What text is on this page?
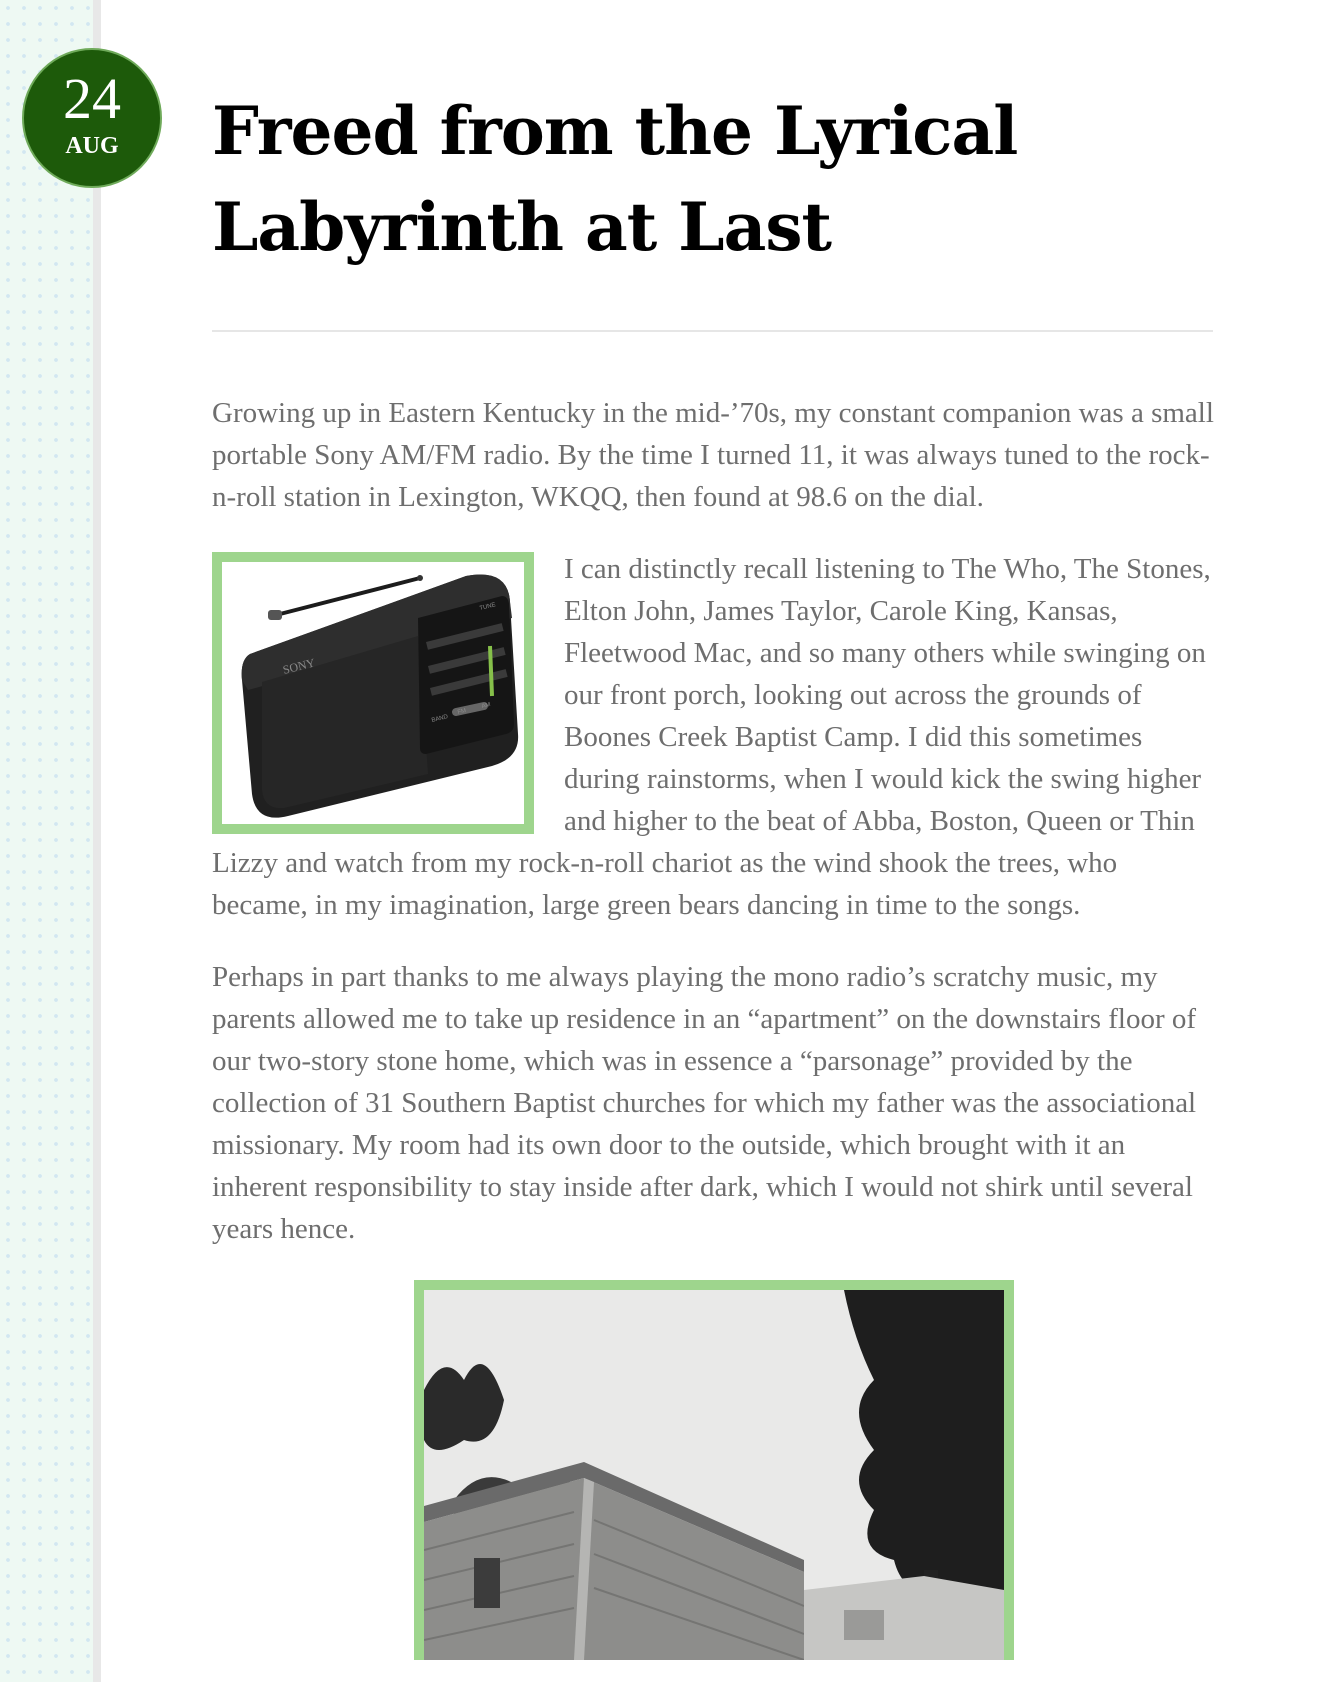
24
AUG	Freed from the Lyrical Labyrinth at Last

Growing up in Eastern Kentucky in the mid-’70s, my constant companion was a small portable Sony AM/FM radio. By the time I turned 11, it was always tuned to the rock-n-roll station in Lexington, WKQQ, then found at 98.6 on the dial.

SONY
BAND
FM
AM
TUNE

I can distinctly recall listening to The Who, The Stones, Elton John, James Taylor, Carole King, Kansas, Fleetwood Mac, and so many others while swinging on our front porch, looking out across the grounds of Boones Creek Baptist Camp. I did this sometimes during rainstorms, when I would kick the swing higher and higher to the beat of Abba, Boston, Queen or Thin Lizzy and watch from my rock-n-roll chariot as the wind shook the trees, who became, in my imagination, large green bears dancing in time to the songs.

Perhaps in part thanks to me always playing the mono radio’s scratchy music, my parents allowed me to take up residence in an “apartment” on the downstairs floor of our two-story stone home, which was in essence a “parsonage” provided by the collection of 31 Southern Baptist churches for which my father was the associational missionary. My room had its own door to the outside, which brought with it an inherent responsibility to stay inside after dark, which I would not shirk until several years hence.
